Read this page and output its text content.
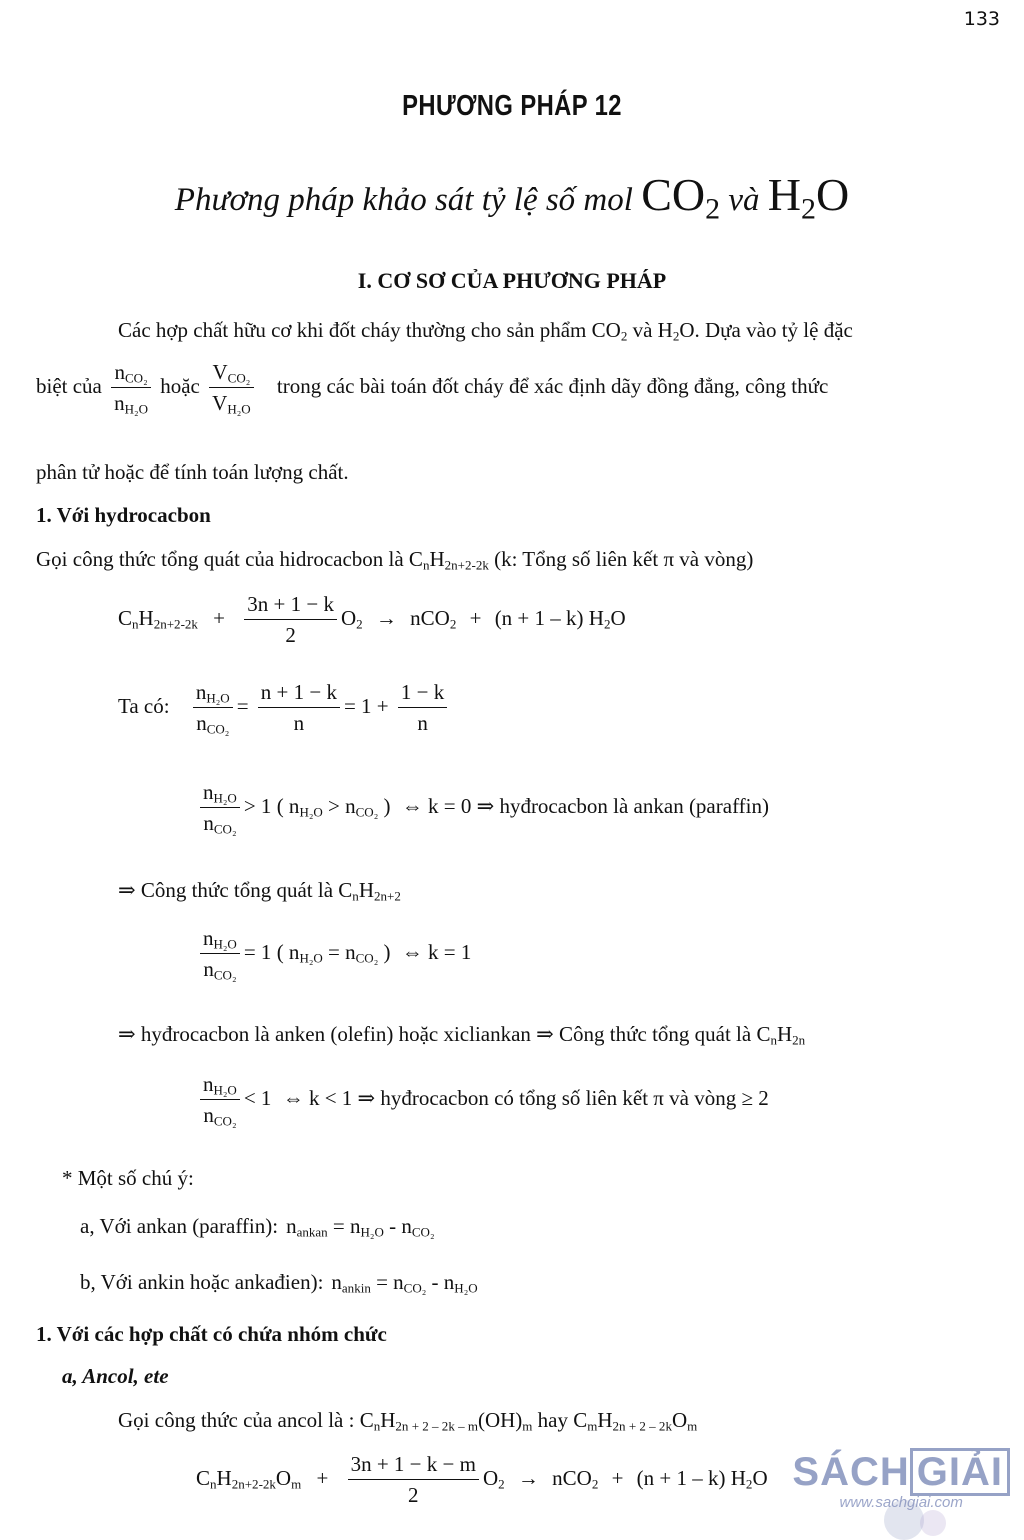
133
PHƯƠNG PHÁP 12
Phương pháp khảo sát tỷ lệ số mol $CO_2$ và $H_2O$
I. CƠ SƠ CỦA PHƯƠNG PHÁP
Các hợp chất hữu cơ khi đốt cháy thường cho sản phẩm $CO_2$ và $H_2O$. Dựa vào tỷ lệ đặc
biệt của $\frac{n_{CO_2}}{n_{H_2O}}$ hoặc $\frac{V_{CO_2}}{V_{H_2O}}$ trong các bài toán đốt cháy để xác định dãy đồng đẳng, công thức
phân tử hoặc để tính toán lượng chất.
1. Với hydrocacbon
Gọi công thức tổng quát của hidrocacbon là $C_nH_{2n+2-2k}$ (k: Tổng số liên kết π và vòng)
$C_nH_{2n+2-2k} + \frac{3n + 1 - k}{2} O_2 \to nCO_2 + (n + 1 - k)$ $H_2O$
Ta có: $\frac{n_{H_2O}}{n_{CO_2}} = \frac{n + 1 - k}{n} = 1 + \frac{1 - k}{n}$
$\frac{n_{H_2O}}{n_{CO_2}} > 1$ ( $n_{H_2O} > n_{CO_2}$ ) ⇔ k = 0 ⇒ hyđrocacbon là ankan (paraffin)
⇒ Công thức tổng quát là $C_nH_{2n+2}$
$\frac{n_{H_2O}}{n_{CO_2}} = 1$ ( $n_{H_2O} = n_{CO_2}$ ) ⇔ k = 1
⇒ hyđrocacbon là anken (olefin) hoặc xicliankan ⇒ Công thức tổng quát là $C_nH_{2n}$
$\frac{n_{H_2O}}{n_{CO_2}} < 1$ ⇔ k < 1 ⇒ hyđrocacbon có tổng số liên kết π và vòng ≥ 2
* Một số chú ý:
a, Với ankan (paraffin): $n_{ankan} = n_{H_2O} - n_{CO_2}$
b, Với ankin hoặc ankađien): $n_{ankin} = n_{CO_2} - n_{H_2O}$
1. Với các hợp chất có chứa nhóm chức
a, Ancol, ete
Gọi công thức của ancol là : $C_nH_{2n + 2 - 2k - m}(OH)_m$ hay $C_mH_{2n + 2 - 2k}O_m$
$C_nH_{2n+2-2k}O_m + \frac{3n + 1 - k - m}{2} O_2 \to nCO_2 + (n + 1 - k)$ $H_2O$ SÁCH GIẢI
www.sachgiai.com
